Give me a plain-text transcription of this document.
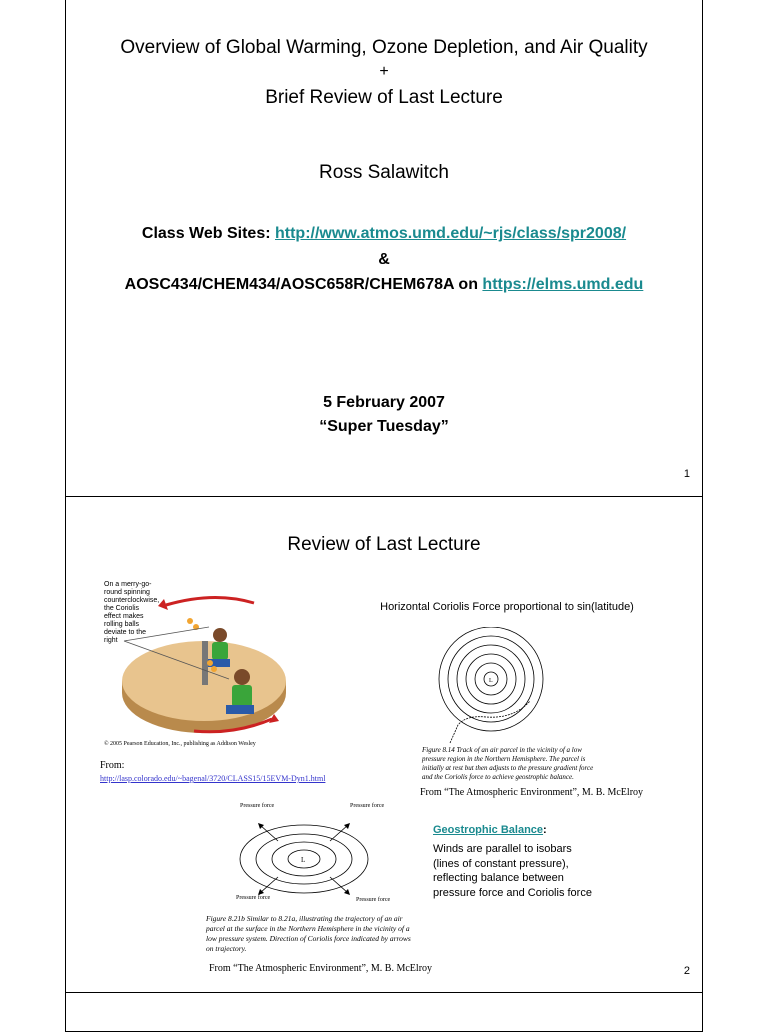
Overview of Global Warming, Ozone Depletion, and Air Quality
+
Brief Review of Last Lecture
Ross Salawitch
Class Web Sites: http://www.atmos.umd.edu/~rjs/class/spr2008/
&
AOSC434/CHEM434/AOSC658R/CHEM678A on https://elms.umd.edu
5 February 2007
“Super Tuesday”
1
Review of Last Lecture
On a merry-go-round spinning counterclockwise, the Coriolis effect makes rolling balls deviate to the right
© 2005 Pearson Education, Inc., publishing as Addison Wesley
From:
http://lasp.colorado.edu/~bagenal/3720/CLASS15/15EVM-Dyn1.html
Horizontal Coriolis Force proportional to sin(latitude)
L
Figure 8.14 Track of an air parcel in the vicinity of a low pressure region in the Northern Hemisphere. The parcel is initially at rest but then adjusts to the pressure gradient force and the Coriolis force to achieve geostrophic balance.
From “The Atmospheric Environment”, M. B. McElroy
L
Pressure force	Pressure force
Pressure force	Pressure force
Figure 8.21b Similar to 8.21a, illustrating the trajectory of an air parcel at the surface in the Northern Hemisphere in the vicinity of a low pressure system. Direction of Coriolis force indicated by arrows on trajectory.
From “The Atmospheric Environment”, M. B. McElroy
Geostrophic Balance:
Winds are parallel to isobars
(lines of constant pressure),
reflecting balance between
pressure force and Coriolis force
2
